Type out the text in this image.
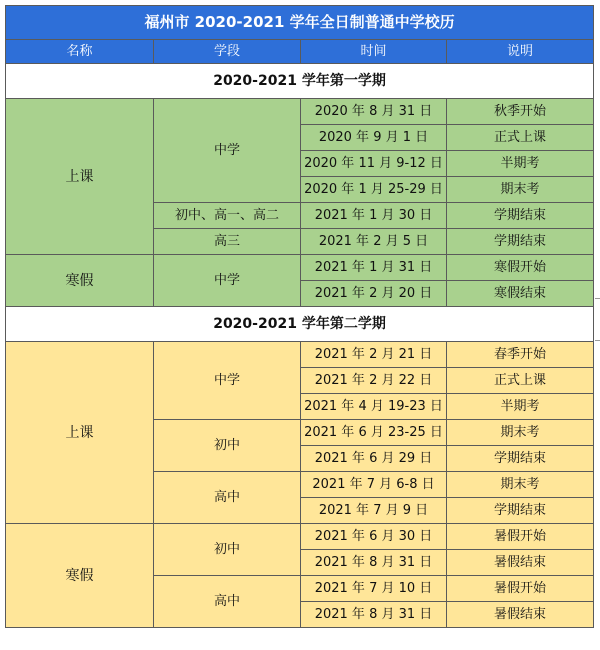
福州市 2020-2021 学年全日制普通中学校历			
名称	学段	时间	说明
2020-2021 学年第一学期			
上课	中学	2020 年 8 月 31 日	秋季开始
		2020 年 9 月 1 日	正式上课
		2020 年 11 月 9-12 日	半期考
		2020 年 1 月 25-29 日	期末考
	初中、高一、高二	2021 年 1 月 30 日	学期结束
	高三	2021 年 2 月 5 日	学期结束
寒假	中学	2021 年 1 月 31 日	寒假开始
		2021 年 2 月 20 日	寒假结束
2020-2021 学年第二学期			
上课	中学	2021 年 2 月 21 日	春季开始
		2021 年 2 月 22 日	正式上课
		2021 年 4 月 19-23 日	半期考
	初中	2021 年 6 月 23-25 日	期末考
		2021 年 6 月 29 日	学期结束
	高中	2021 年 7 月 6-8 日	期末考
		2021 年 7 月 9 日	学期结束
寒假	初中	2021 年 6 月 30 日	暑假开始
		2021 年 8 月 31 日	暑假结束
	高中	2021 年 7 月 10 日	暑假开始
		2021 年 8 月 31 日	暑假结束
